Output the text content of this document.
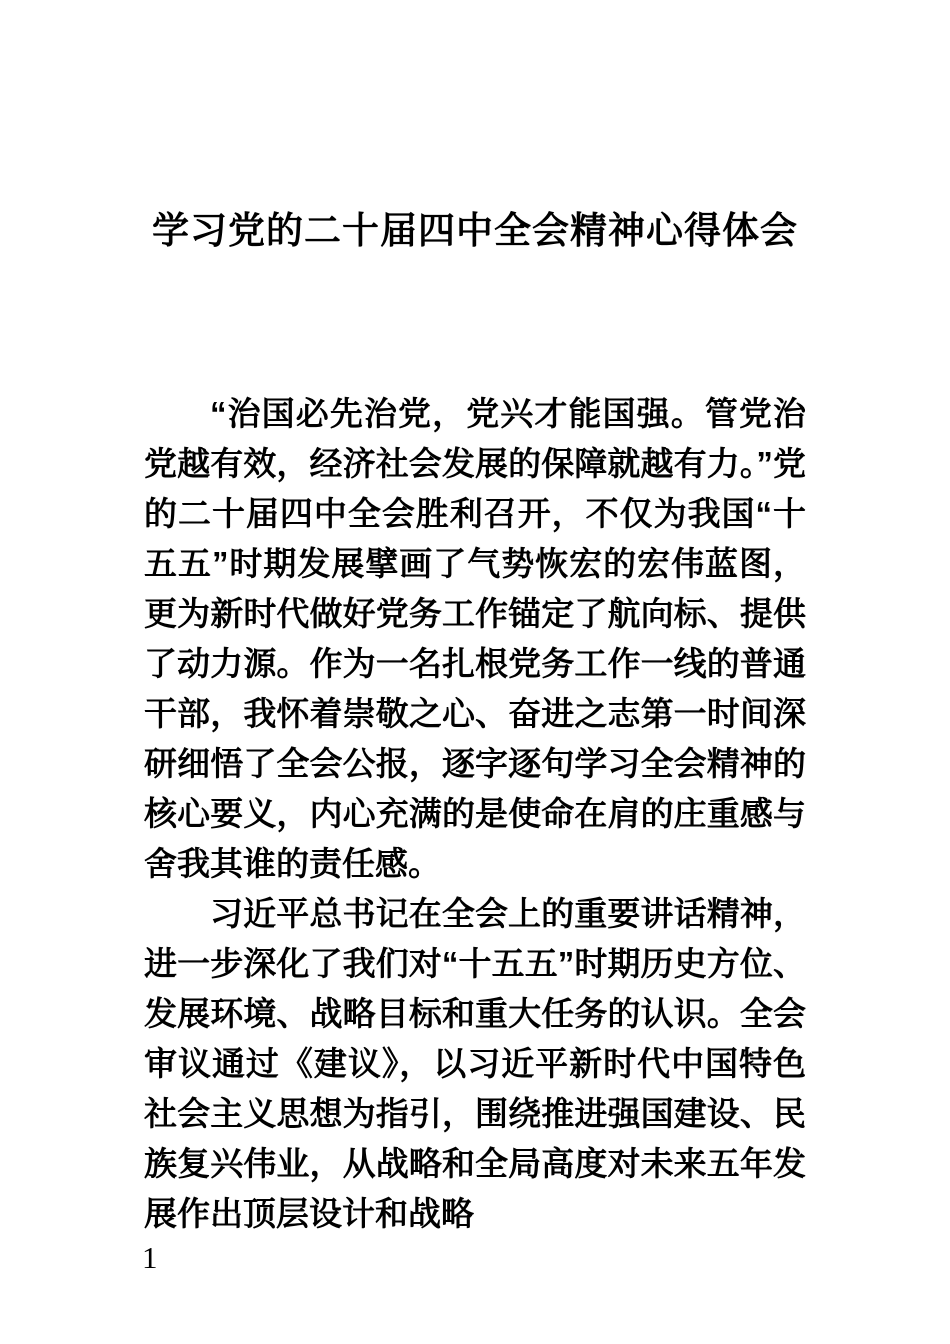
学习党的二十届四中全会精神心得体会

“治国必先治党，党兴才能国强。管党治党越有效，经济社会发展的保障就越有力。”党的二十届四中全会胜利召开，不仅为我国“十五五”时期发展擘画了气势恢宏的宏伟蓝图，更为新时代做好党务工作锚定了航向标、提供了动力源。作为一名扎根党务工作一线的普通干部，我怀着崇敬之心、奋进之志第一时间深研细悟了全会公报，逐字逐句学习全会精神的核心要义，内心充满的是使命在肩的庄重感与舍我其谁的责任感。

习近平总书记在全会上的重要讲话精神，进一步深化了我们对“十五五”时期历史方位、发展环境、战略目标和重大任务的认识。全会审议通过《建议》，以习近平新时代中国特色社会主义思想为指引，围绕推进强国建设、民族复兴伟业，从战略和全局高度对未来五年发展作出顶层设计和战略

1
